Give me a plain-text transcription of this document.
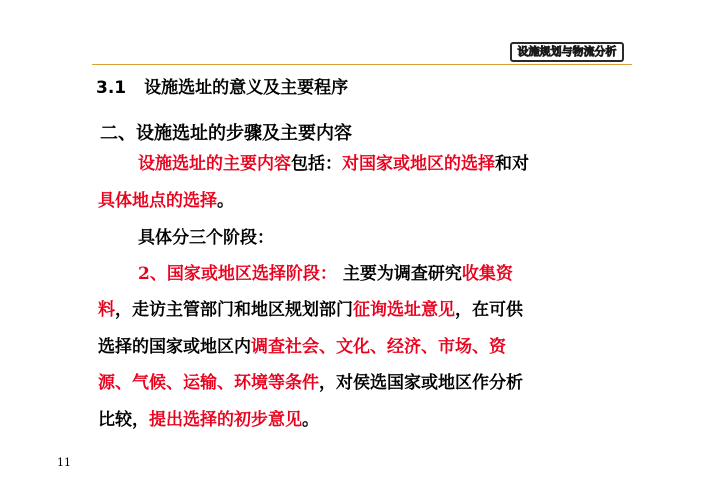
设施规划与物流分析
3.1 设施选址的意义及主要程序
二、设施选址的步骤及主要内容
设施选址的主要内容包括：对国家或地区的选择和对
具体地点的选择。
具体分三个阶段：
2、国家或地区选择阶段： 主要为调查研究收集资
料，走访主管部门和地区规划部门征询选址意见，在可供
选择的国家或地区内调查社会、文化、经济、市场、资
源、气候、运输、环境等条件，对侯选国家或地区作分析
比较，提出选择的初步意见。
11
